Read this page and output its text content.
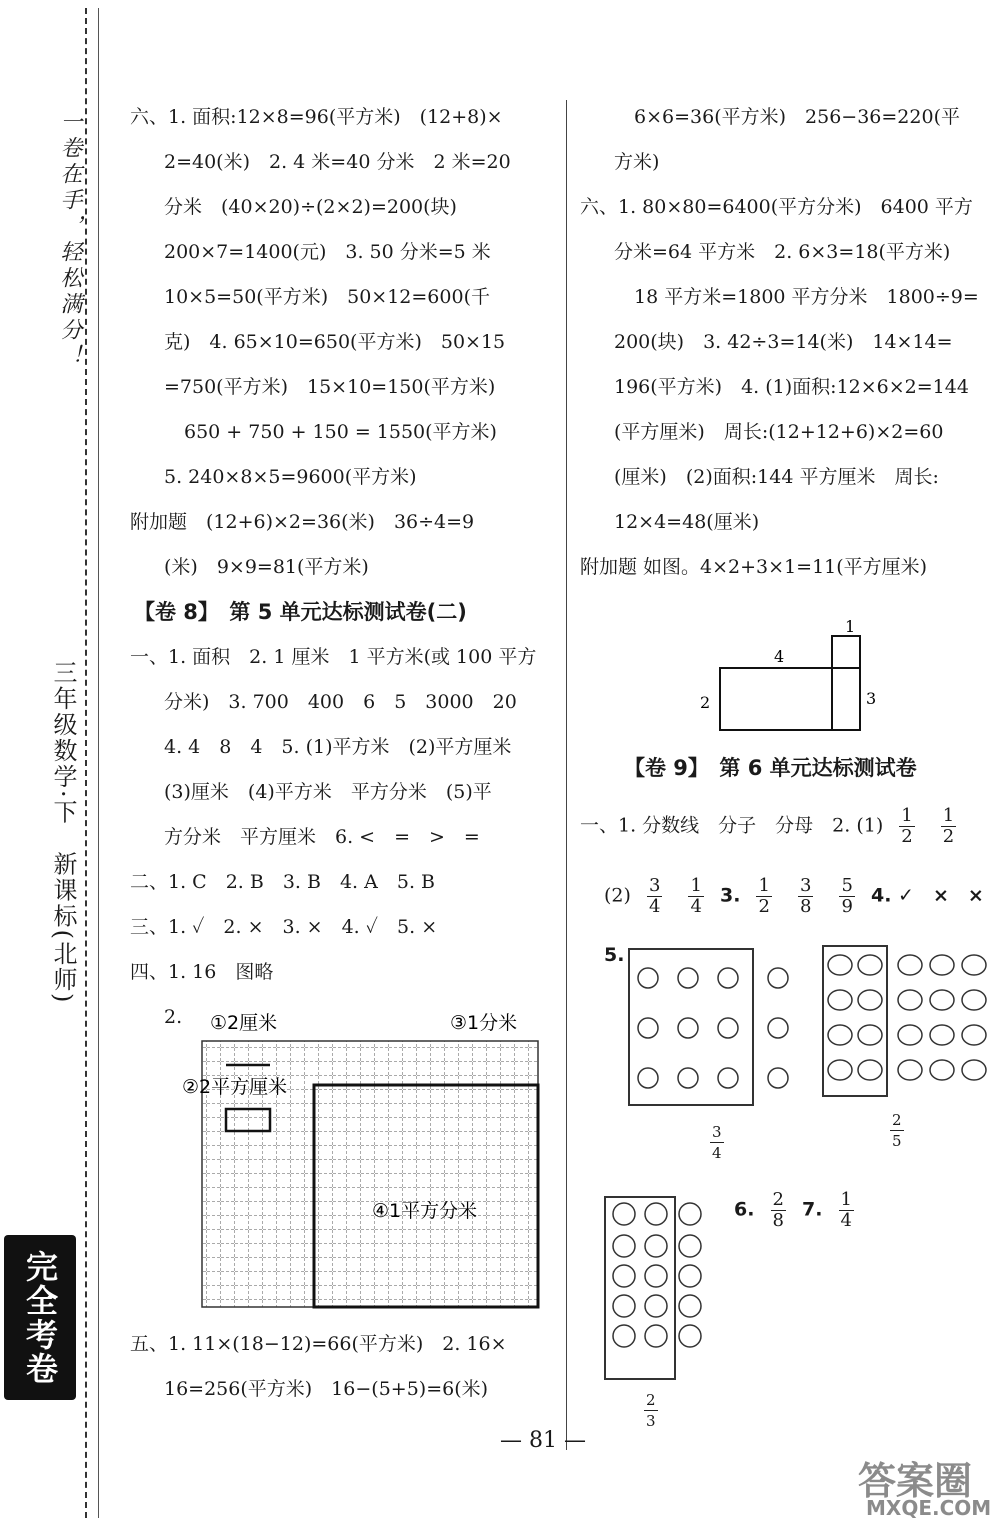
一卷在手，轻松满分！
三年级数学·下　新课标(北师)
完全考卷
六、1. 面积:12×8=96(平方米)　(12+8)×
2=40(米)　2. 4 米=40 分米　2 米=20
分米　(40×20)÷(2×2)=200(块)
200×7=1400(元)　3. 50 分米=5 米
10×5=50(平方米)　50×12=600(千
克)　4. 65×10=650(平方米)　50×15
=750(平方米)　15×10=150(平方米)
650 + 750 + 150 = 1550(平方米)
5. 240×8×5=9600(平方米)
附加题　(12+6)×2=36(米)　36÷4=9
(米)　9×9=81(平方米)
【卷 8】　第 5 单元达标测试卷(二)
一、1. 面积　2. 1 厘米　1 平方米(或 100 平方
分米)　3. 700　400　6　5　3000　20
4. 4　8　4　5. (1)平方米　(2)平方厘米
(3)厘米　(4)平方米　平方分米　(5)平
方分米　平方厘米　6. <　=　>　=
二、1. C　2. B　3. B　4. A　5. B
三、1. ✓　2. ×　3. ×　4. ✓　5. ×
四、1. 16　图略
2.	①2厘米
②2平方厘米
③1分米
④1平方分米
五、1. 11×(18−12)=66(平方米)　2. 16×
16=256(平方米)　16−(5+5)=6(米)
6×6=36(平方米)　256−36=220(平
方米)
六、1. 80×80=6400(平方分米)　6400 平方
分米=64 平方米　2. 6×3=18(平方米)
18 平方米=1800 平方分米　1800÷9=
200(块)　3. 42÷3=14(米)　14×14=
196(平方米)　4. (1)面积:12×6×2=144
(平方厘米)　周长:(12+12+6)×2=60
(厘米)　(2)面积:144 平方厘米　周长:
12×4=48(厘米)
附加题 如图。4×2+3×1=11(平方厘米)
1
4
2	3
【卷 9】　第 6 单元达标测试卷
一、1. 分数线　分子　分母　2. $(1) \frac{1}{2}$
$\frac{1}{2}$
$(2) \frac{3}{4}$
$\frac{1}{4} 3$. $\frac{1}{2}$
$\frac{3}{8}$
$\frac{5}{9} 4$. ✓　×　×
5.
$\frac{3}{4}$	$\frac{2}{5}$
$\frac{2}{3}$
6. $\frac{2}{8} 7$. $\frac{1}{4}$
— 81 —
答案圈
MXQE.COM
